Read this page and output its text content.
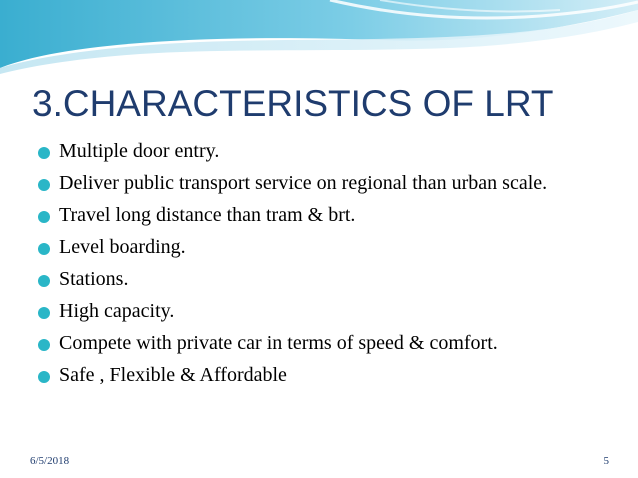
3.CHARACTERISTICS OF LRT
Multiple door entry.
Deliver public transport service on regional than urban scale.
Travel long distance than tram & brt.
Level boarding.
Stations.
High capacity.
Compete with private car in terms of speed & comfort.
Safe , Flexible & Affordable
6/5/2018	5
